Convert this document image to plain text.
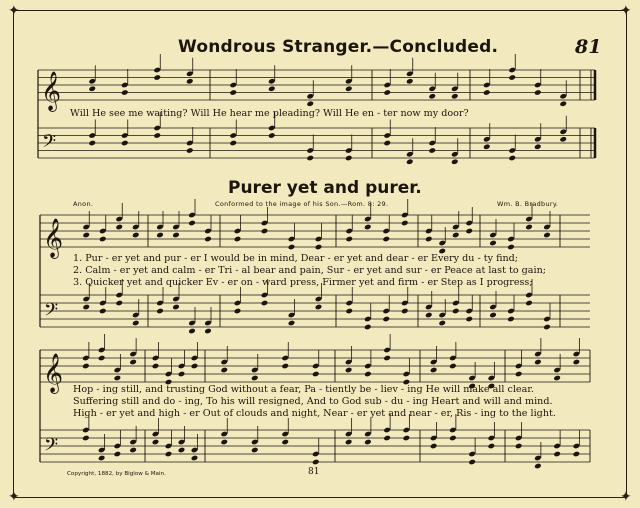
✦	✦
✦	✦
Wondrous Stranger.—Concluded.	81
𝄞
𝄢
𝄞
𝄢
𝄞
𝄢
Will He see me waiting? Will He hear me pleading? Will He en - ter now my door?
Purer yet and purer.
Anon.	Conformed to the image of his Son.—Rom. 8: 29.	Wm. B. Bradbury.
1. Pur - er yet and pur - er I would be in mind, Dear - er yet and dear - er Every du - ty find;
2. Calm - er yet and calm - er Tri - al bear and pain, Sur - er yet and sur - er Peace at last to gain;
3. Quicker yet and quicker Ev - er on - ward press, Firmer yet and firm - er Step as I progress;
Hop - ing still, and trusting God without a fear, Pa - tiently be - liev - ing He will make all clear.
Suffering still and do - ing, To his will resigned, And to God sub - du - ing Heart and will and mind.
High - er yet and high - er Out of clouds and night, Near - er yet and near - er, Ris - ing to the light.
Copyright, 1882, by Biglow & Main.	81
